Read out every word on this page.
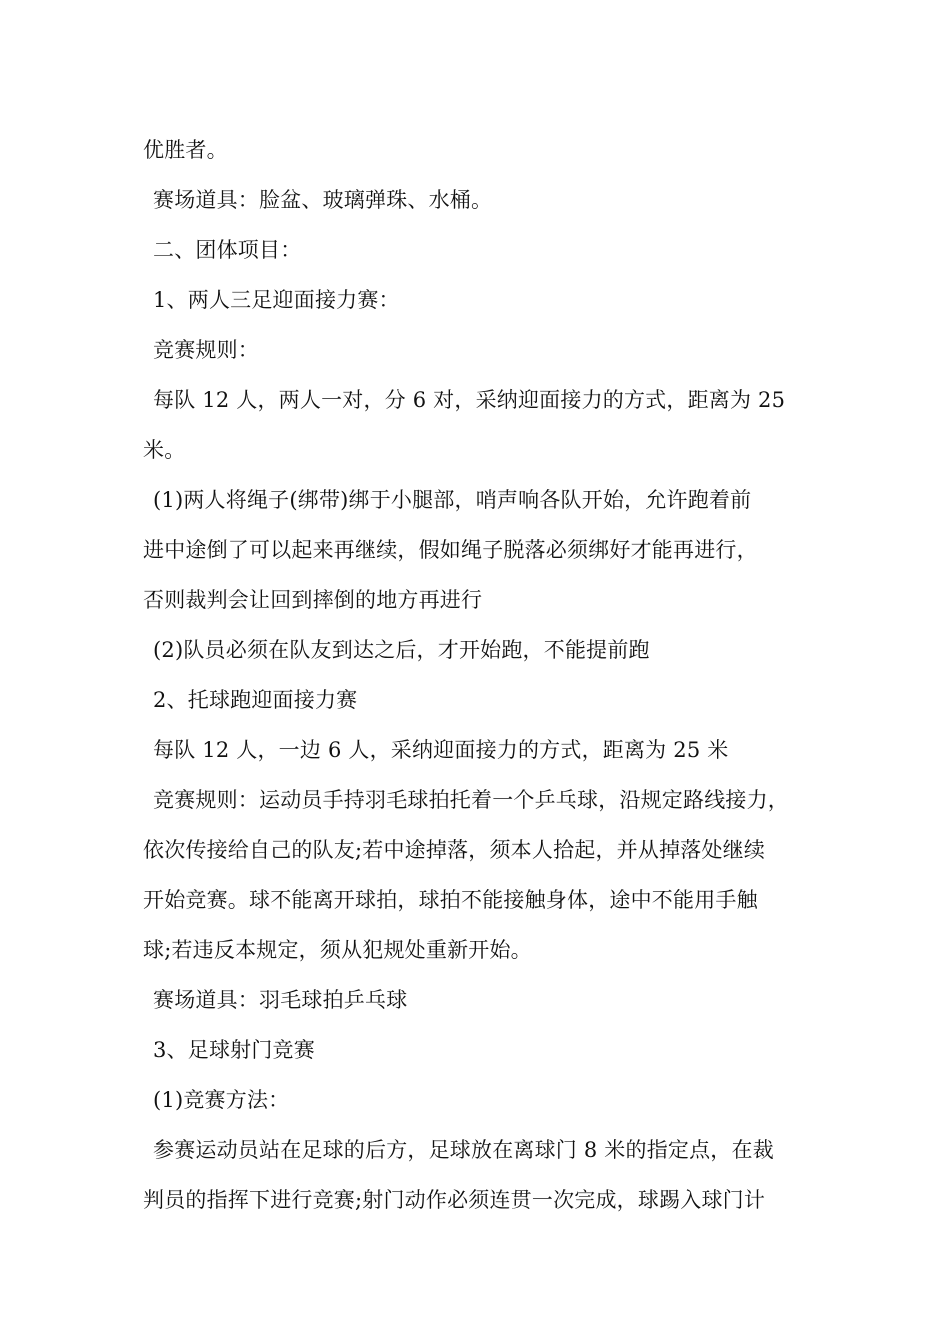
优胜者。
赛场道具：脸盆、玻璃弹珠、水桶。
二、团体项目：
1、两人三足迎面接力赛：
竞赛规则：
每队 12 人，两人一对，分 6 对，采纳迎面接力的方式，距离为 25
米。
(1)两人将绳子(绑带)绑于小腿部，哨声响各队开始，允许跑着前
进中途倒了可以起来再继续，假如绳子脱落必须绑好才能再进行，
否则裁判会让回到摔倒的地方再进行
(2)队员必须在队友到达之后，才开始跑，不能提前跑
2、托球跑迎面接力赛
每队 12 人，一边 6 人，采纳迎面接力的方式，距离为 25 米
竞赛规则：运动员手持羽毛球拍托着一个乒乓球，沿规定路线接力，
依次传接给自己的队友;若中途掉落，须本人拾起，并从掉落处继续
开始竞赛。球不能离开球拍，球拍不能接触身体，途中不能用手触
球;若违反本规定，须从犯规处重新开始。
赛场道具：羽毛球拍乒乓球
3、足球射门竞赛
(1)竞赛方法：
参赛运动员站在足球的后方，足球放在离球门 8 米的指定点，在裁
判员的指挥下进行竞赛;射门动作必须连贯一次完成，球踢入球门计
